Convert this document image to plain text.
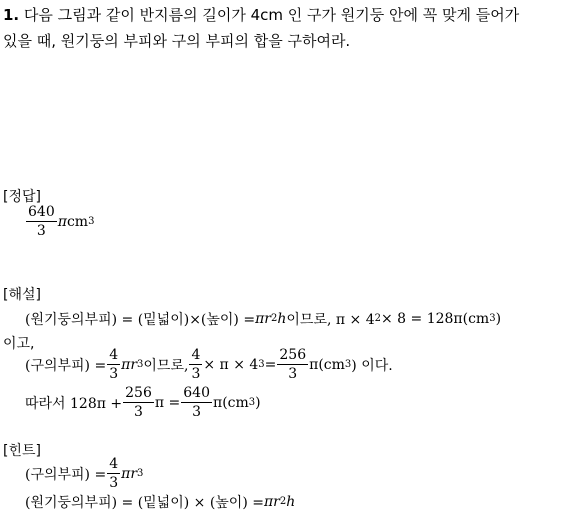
1. 다음 그림과 같이 반지름의 길이가 4cm 인 구가 원기둥 안에 꼭 맞게 들어가
있을 때, 원기둥의 부피와 구의 부피의 합을 구하여라.
[정답]
$\frac{640}{3}$ π cm 3
[해설]
(원기둥의부피) = (밑넓이)×(높이) = πr 2 h 이므로, π × 4 2 × 8 = 128π(cm 3 )
이고,
(구의부피) = $\frac{4}{3}$ πr 3 이므로, $\frac{4}{3} \times \pi \times 4$ $3 = \frac{256}{3} \pi(cm$ 3 ) 이다.
따라서 $128\pi + \frac{256}{3}$ $\pi = \frac{640}{3} \pi(cm$ 3 )
[힌트]
(구의부피) = $\frac{4}{3}$ πr 3
(원기둥의부피) = (밑넓이) × (높이) = πr 2 h
